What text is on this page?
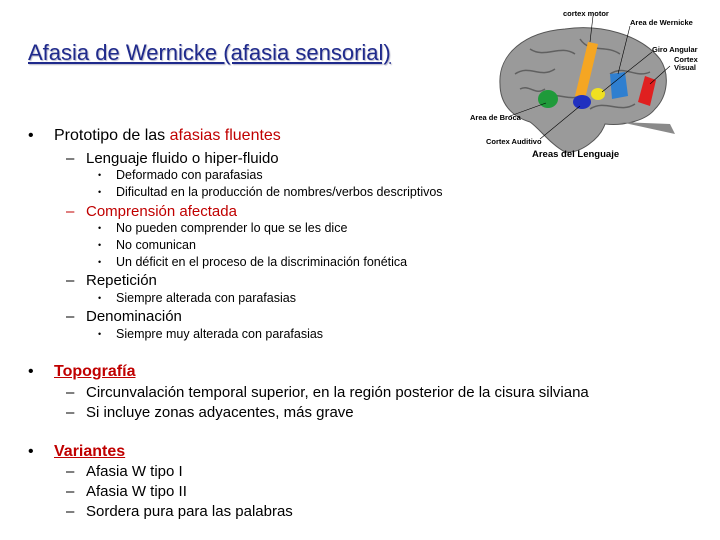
Afasia de Wernicke (afasia sensorial)
cortex motor
Area de Wernicke
Giro Angular
Cortex
Visual
Area de Broca
Cortex Auditivo
Areas del Lenguaje
• Prototipo de las afasias fluentes
– Lenguaje fluido o hiper-fluido
• Deformado con parafasias
• Dificultad en la producción de nombres/verbos descriptivos
– Comprensión afectada
• No pueden comprender lo que se les dice
• No comunican
• Un déficit en el proceso de la discriminación fonética
– Repetición
• Siempre alterada con parafasias
– Denominación
• Siempre muy alterada con parafasias
• Topografía
– Circunvalación temporal superior, en la región posterior de la cisura silviana
– Si incluye zonas adyacentes, más grave
• Variantes
– Afasia W tipo I
– Afasia W tipo II
– Sordera pura para las palabras
